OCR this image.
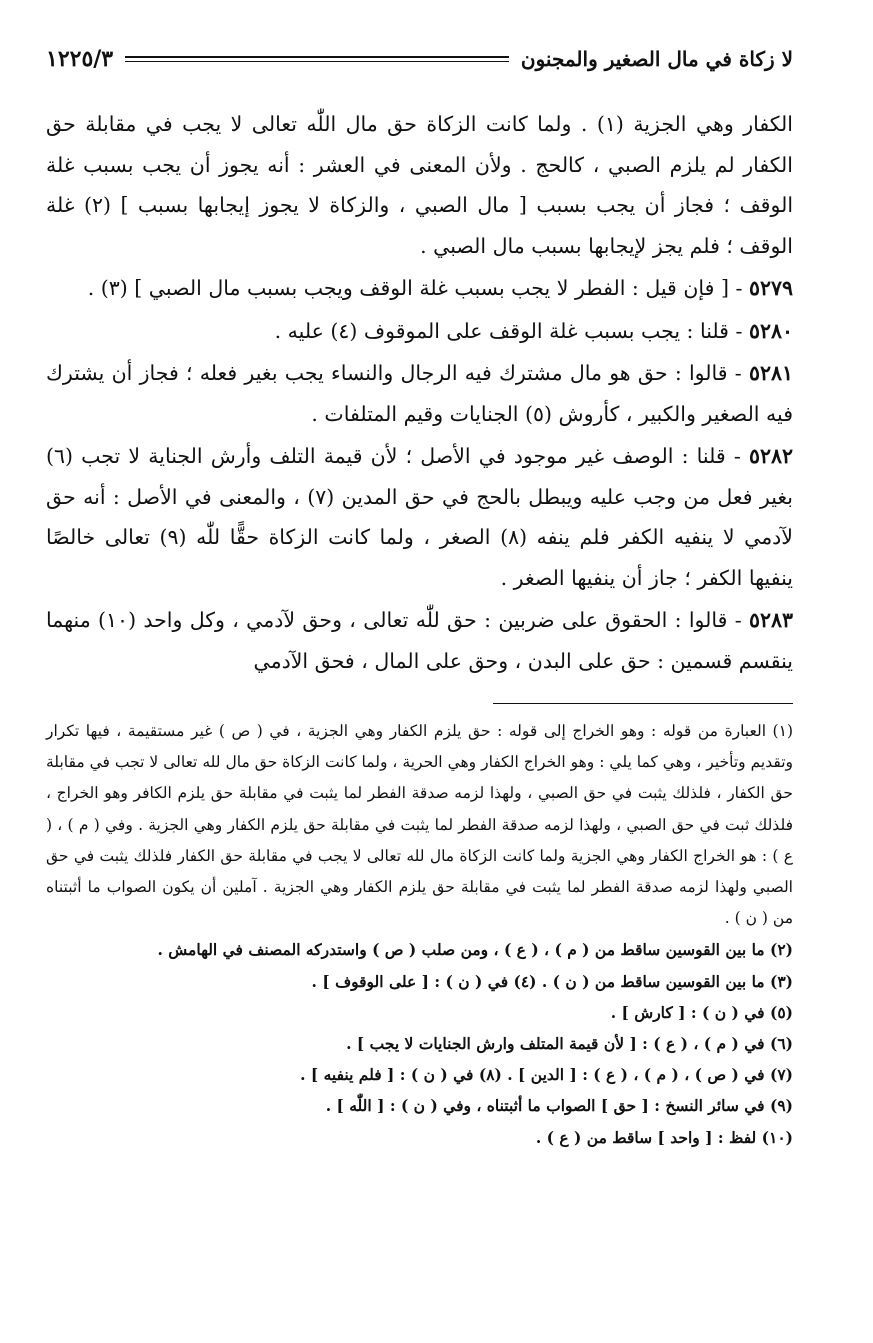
لا زكاة في مال الصغير والمجنون
١٢٢٥/٣

الكفار وهي الجزية (١) . ولما كانت الزكاة حق مال اللّٰه تعالى لا يجب في مقابلة حق الكفار لم يلزم الصبي ، كالحج . ولأن المعنى في العشر : أنه يجوز أن يجب بسبب غلة الوقف ؛ فجاز أن يجب بسبب [ مال الصبي ، والزكاة لا يجوز إيجابها بسبب ] (٢) غلة الوقف ؛ فلم يجز لإيجابها بسبب مال الصبي .

٥٢٧٩ - [ فإن قيل : الفطر لا يجب بسبب غلة الوقف ويجب بسبب مال الصبي ] (٣) .

٥٢٨٠ - قلنا : يجب بسبب غلة الوقف على الموقوف (٤) عليه .

٥٢٨١ - قالوا : حق هو مال مشترك فيه الرجال والنساء يجب بغير فعله ؛ فجاز أن يشترك فيه الصغير والكبير ، كأروش (٥) الجنايات وقيم المتلفات .

٥٢٨٢ - قلنا : الوصف غير موجود في الأصل ؛ لأن قيمة التلف وأرش الجناية لا تجب (٦) بغير فعل من وجب عليه ويبطل بالحج في حق المدين (٧) ، والمعنى في الأصل : أنه حق لآدمي لا ينفيه الكفر فلم ينفه (٨) الصغر ، ولما كانت الزكاة حقًّا للّٰه (٩) تعالى خالصًا ينفيها الكفر ؛ جاز أن ينفيها الصغر .

٥٢٨٣ - قالوا : الحقوق على ضربين : حق للّٰه تعالى ، وحق لآدمي ، وكل واحد (١٠) منهما ينقسم قسمين : حق على البدن ، وحق على المال ، فحق الآدمي

(١) العبارة من قوله : وهو الخراج إلى قوله : حق يلزم الكفار وهي الجزية ، في ( ص ) غير مستقيمة ، فيها تكرار وتقديم وتأخير ، وهي كما يلي : وهو الخراج الكفار وهي الحرية ، ولما كانت الزكاة حق مال لله تعالى لا تجب في مقابلة حق الكفار ، فلذلك يثبت في حق الصبي ، ولهذا لزمه صدقة الفطر لما يثبت في مقابلة حق يلزم الكافر وهو الخراج ، فلذلك ثبت في حق الصبي ، ولهذا لزمه صدقة الفطر لما يثبت في مقابلة حق يلزم الكفار وهي الجزية . وفي ( م ) ، ( ع ) : هو الخراج الكفار وهي الجزية ولما كانت الزكاة مال لله تعالى لا يجب في مقابلة حق الكفار فلذلك يثبت في حق الصبي ولهذا لزمه صدقة الفطر لما يثبت في مقابلة حق يلزم الكفار وهي الجزية . آملين أن يكون الصواب ما أثبتناه من ( ن ) .

(٢) ما بين القوسين ساقط من ( م ) ، ( ع ) ، ومن صلب ( ص ) واستدركه المصنف في الهامش .

(٣) ما بين القوسين ساقط من ( ن ) . (٤) في ( ن ) : [ على الوقوف ] .

(٥) في ( ن ) : [ كارش ] .

(٦) في ( م ) ، ( ع ) : [ لأن قيمة المتلف وارش الجنايات لا يجب ] .

(٧) في ( ص ) ، ( م ) ، ( ع ) : [ الدين ] . (٨) في ( ن ) : [ فلم ينفيه ] .

(٩) في سائر النسخ : [ حق ] الصواب ما أثبتناه ، وفي ( ن ) : [ اللّٰه ] .

(١٠) لفظ : [ واحد ] ساقط من ( ع ) .
